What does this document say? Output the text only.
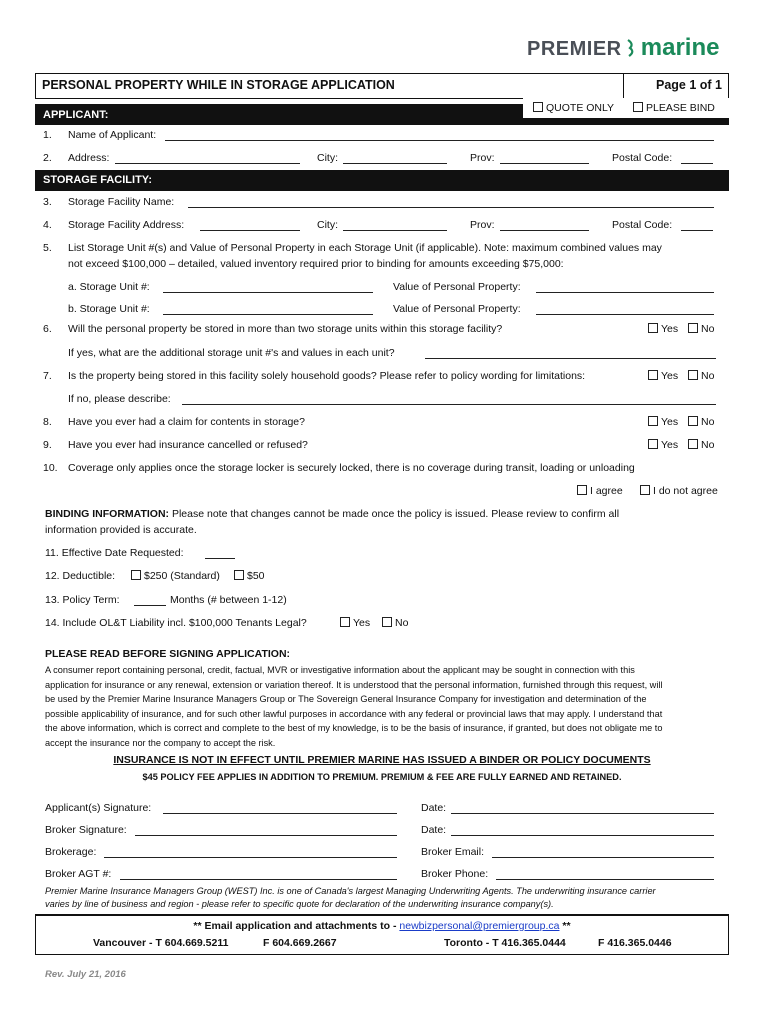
PREMIER marine
PERSONAL PROPERTY WHILE IN STORAGE APPLICATION	Page 1 of 1
APPLICANT:
QUOTE ONLY	PLEASE BIND
1. Name of Applicant:
2. Address:	City:	Prov:	Postal Code:
STORAGE FACILITY:
3. Storage Facility Name:
4. Storage Facility Address:	City:	Prov:	Postal Code:
5. List Storage Unit #(s) and Value of Personal Property in each Storage Unit (if applicable). Note: maximum combined values may
not exceed $100,000 – detailed, valued inventory required prior to binding for amounts exceeding $75,000:
a. Storage Unit #:	Value of Personal Property:
b. Storage Unit #:	Value of Personal Property:
6. Will the personal property be stored in more than two storage units within this storage facility?	Yes	No
If yes, what are the additional storage unit #'s and values in each unit?
7. Is the property being stored in this facility solely household goods? Please refer to policy wording for limitations:	Yes	No
If no, please describe:
8. Have you ever had a claim for contents in storage?	Yes	No
9. Have you ever had insurance cancelled or refused?	Yes	No
10. Coverage only applies once the storage locker is securely locked, there is no coverage during transit, loading or unloading
I agree	I do not agree
BINDING INFORMATION: Please note that changes cannot be made once the policy is issued. Please review to confirm all
information provided is accurate.
11. Effective Date Requested:
12. Deductible:	$250 (Standard)	$50
13. Policy Term:	Months (# between 1-12)
14. Include OL&T Liability incl. $100,000 Tenants Legal?	Yes	No
PLEASE READ BEFORE SIGNING APPLICATION:
A consumer report containing personal, credit, factual, MVR or investigative information about the applicant may be sought in connection with this
application for insurance or any renewal, extension or variation thereof. It is understood that the personal information, furnished through this request, will
be used by the Premier Marine Insurance Managers Group or The Sovereign General Insurance Company for investigation and determination of the
possible applicability of insurance, and for such other lawful purposes in accordance with any federal or provincial laws that may apply. I understand that
the above information, which is correct and complete to the best of my knowledge, is to be the basis of insurance, if granted, but does not obligate me to
accept the insurance nor the company to accept the risk.
INSURANCE IS NOT IN EFFECT UNTIL PREMIER MARINE HAS ISSUED A BINDER OR POLICY DOCUMENTS
$45 POLICY FEE APPLIES IN ADDITION TO PREMIUM. PREMIUM & FEE ARE FULLY EARNED AND RETAINED.
Applicant(s) Signature:	Date:
Broker Signature:	Date:
Brokerage:	Broker Email:
Broker AGT #:	Broker Phone:
Premier Marine Insurance Managers Group (WEST) Inc. is one of Canada's largest Managing Underwriting Agents. The underwriting insurance carrier
varies by line of business and region - please refer to specific quote for declaration of the underwriting insurance company(s).
** Email application and attachments to - newbizpersonal@premiergroup.ca **
Vancouver - T 604.669.5211	F 604.669.2667	Toronto - T 416.365.0444	F 416.365.0446
Rev. July 21, 2016
